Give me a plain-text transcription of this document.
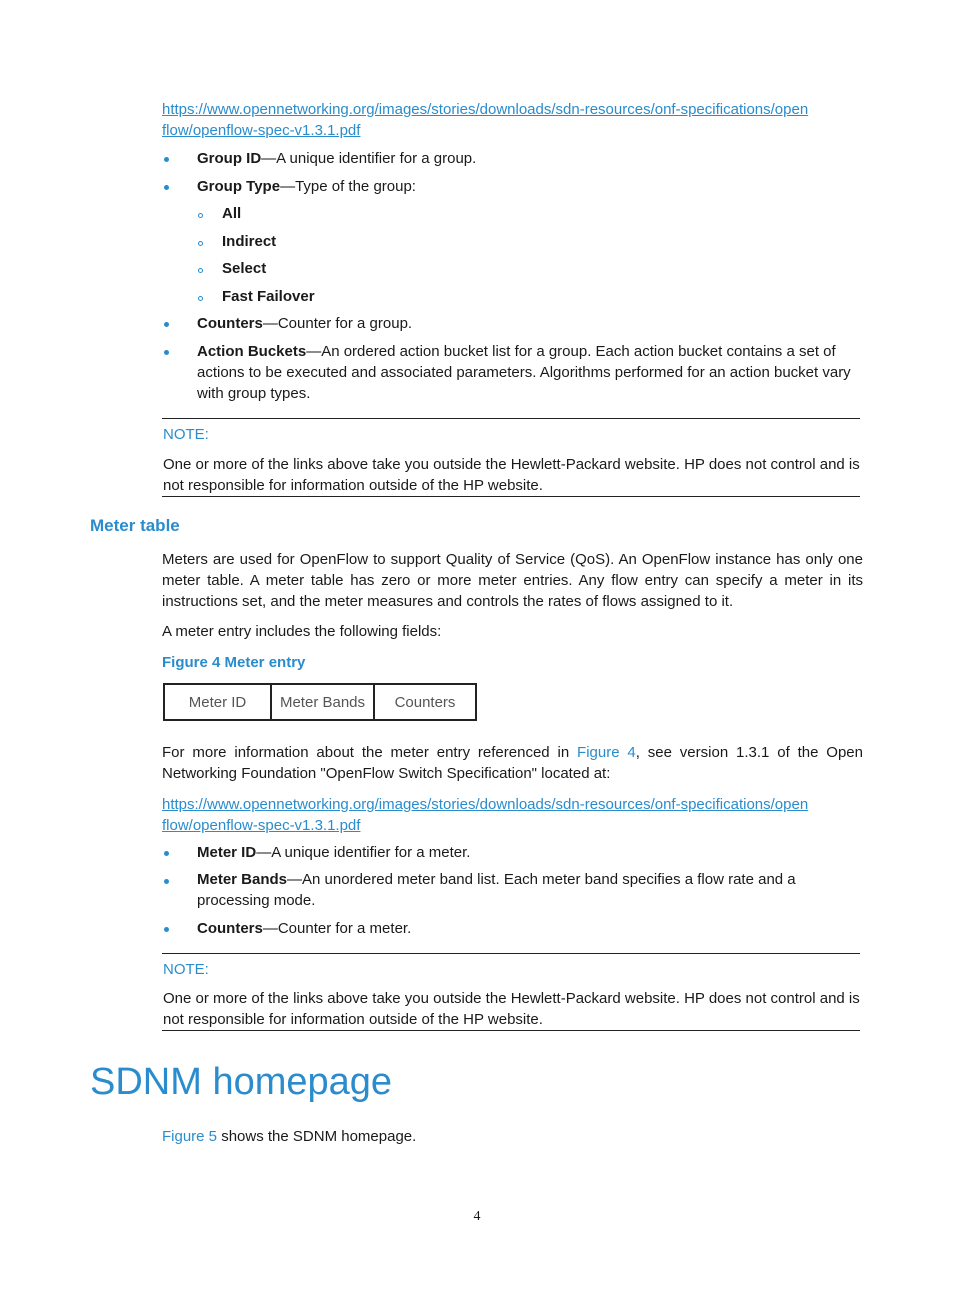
https://www.opennetworking.org/images/stories/downloads/sdn-resources/onf-specifications/open
flow/openflow-spec-v1.3.1.pdf
Group ID—A unique identifier for a group.
Group Type—Type of the group:
All
Indirect
Select
Fast Failover
Counters—Counter for a group.
Action Buckets—An ordered action bucket list for a group. Each action bucket contains a set of actions to be executed and associated parameters. Algorithms performed for an action bucket vary with group types.
NOTE:
One or more of the links above take you outside the Hewlett-Packard website. HP does not control and is not responsible for information outside of the HP website.
Meter table
Meters are used for OpenFlow to support Quality of Service (QoS). An OpenFlow instance has only one meter table. A meter table has zero or more meter entries. Any flow entry can specify a meter in its instructions set, and the meter measures and controls the rates of flows assigned to it.
A meter entry includes the following fields:
Figure 4 Meter entry
Meter ID	Meter Bands	Counters
For more information about the meter entry referenced in Figure 4, see version 1.3.1 of the Open Networking Foundation "OpenFlow Switch Specification" located at:
https://www.opennetworking.org/images/stories/downloads/sdn-resources/onf-specifications/open
flow/openflow-spec-v1.3.1.pdf
Meter ID—A unique identifier for a meter.
Meter Bands—An unordered meter band list. Each meter band specifies a flow rate and a processing mode.
Counters—Counter for a meter.
NOTE:
One or more of the links above take you outside the Hewlett-Packard website. HP does not control and is not responsible for information outside of the HP website.
SDNM homepage
Figure 5 shows the SDNM homepage.
4
